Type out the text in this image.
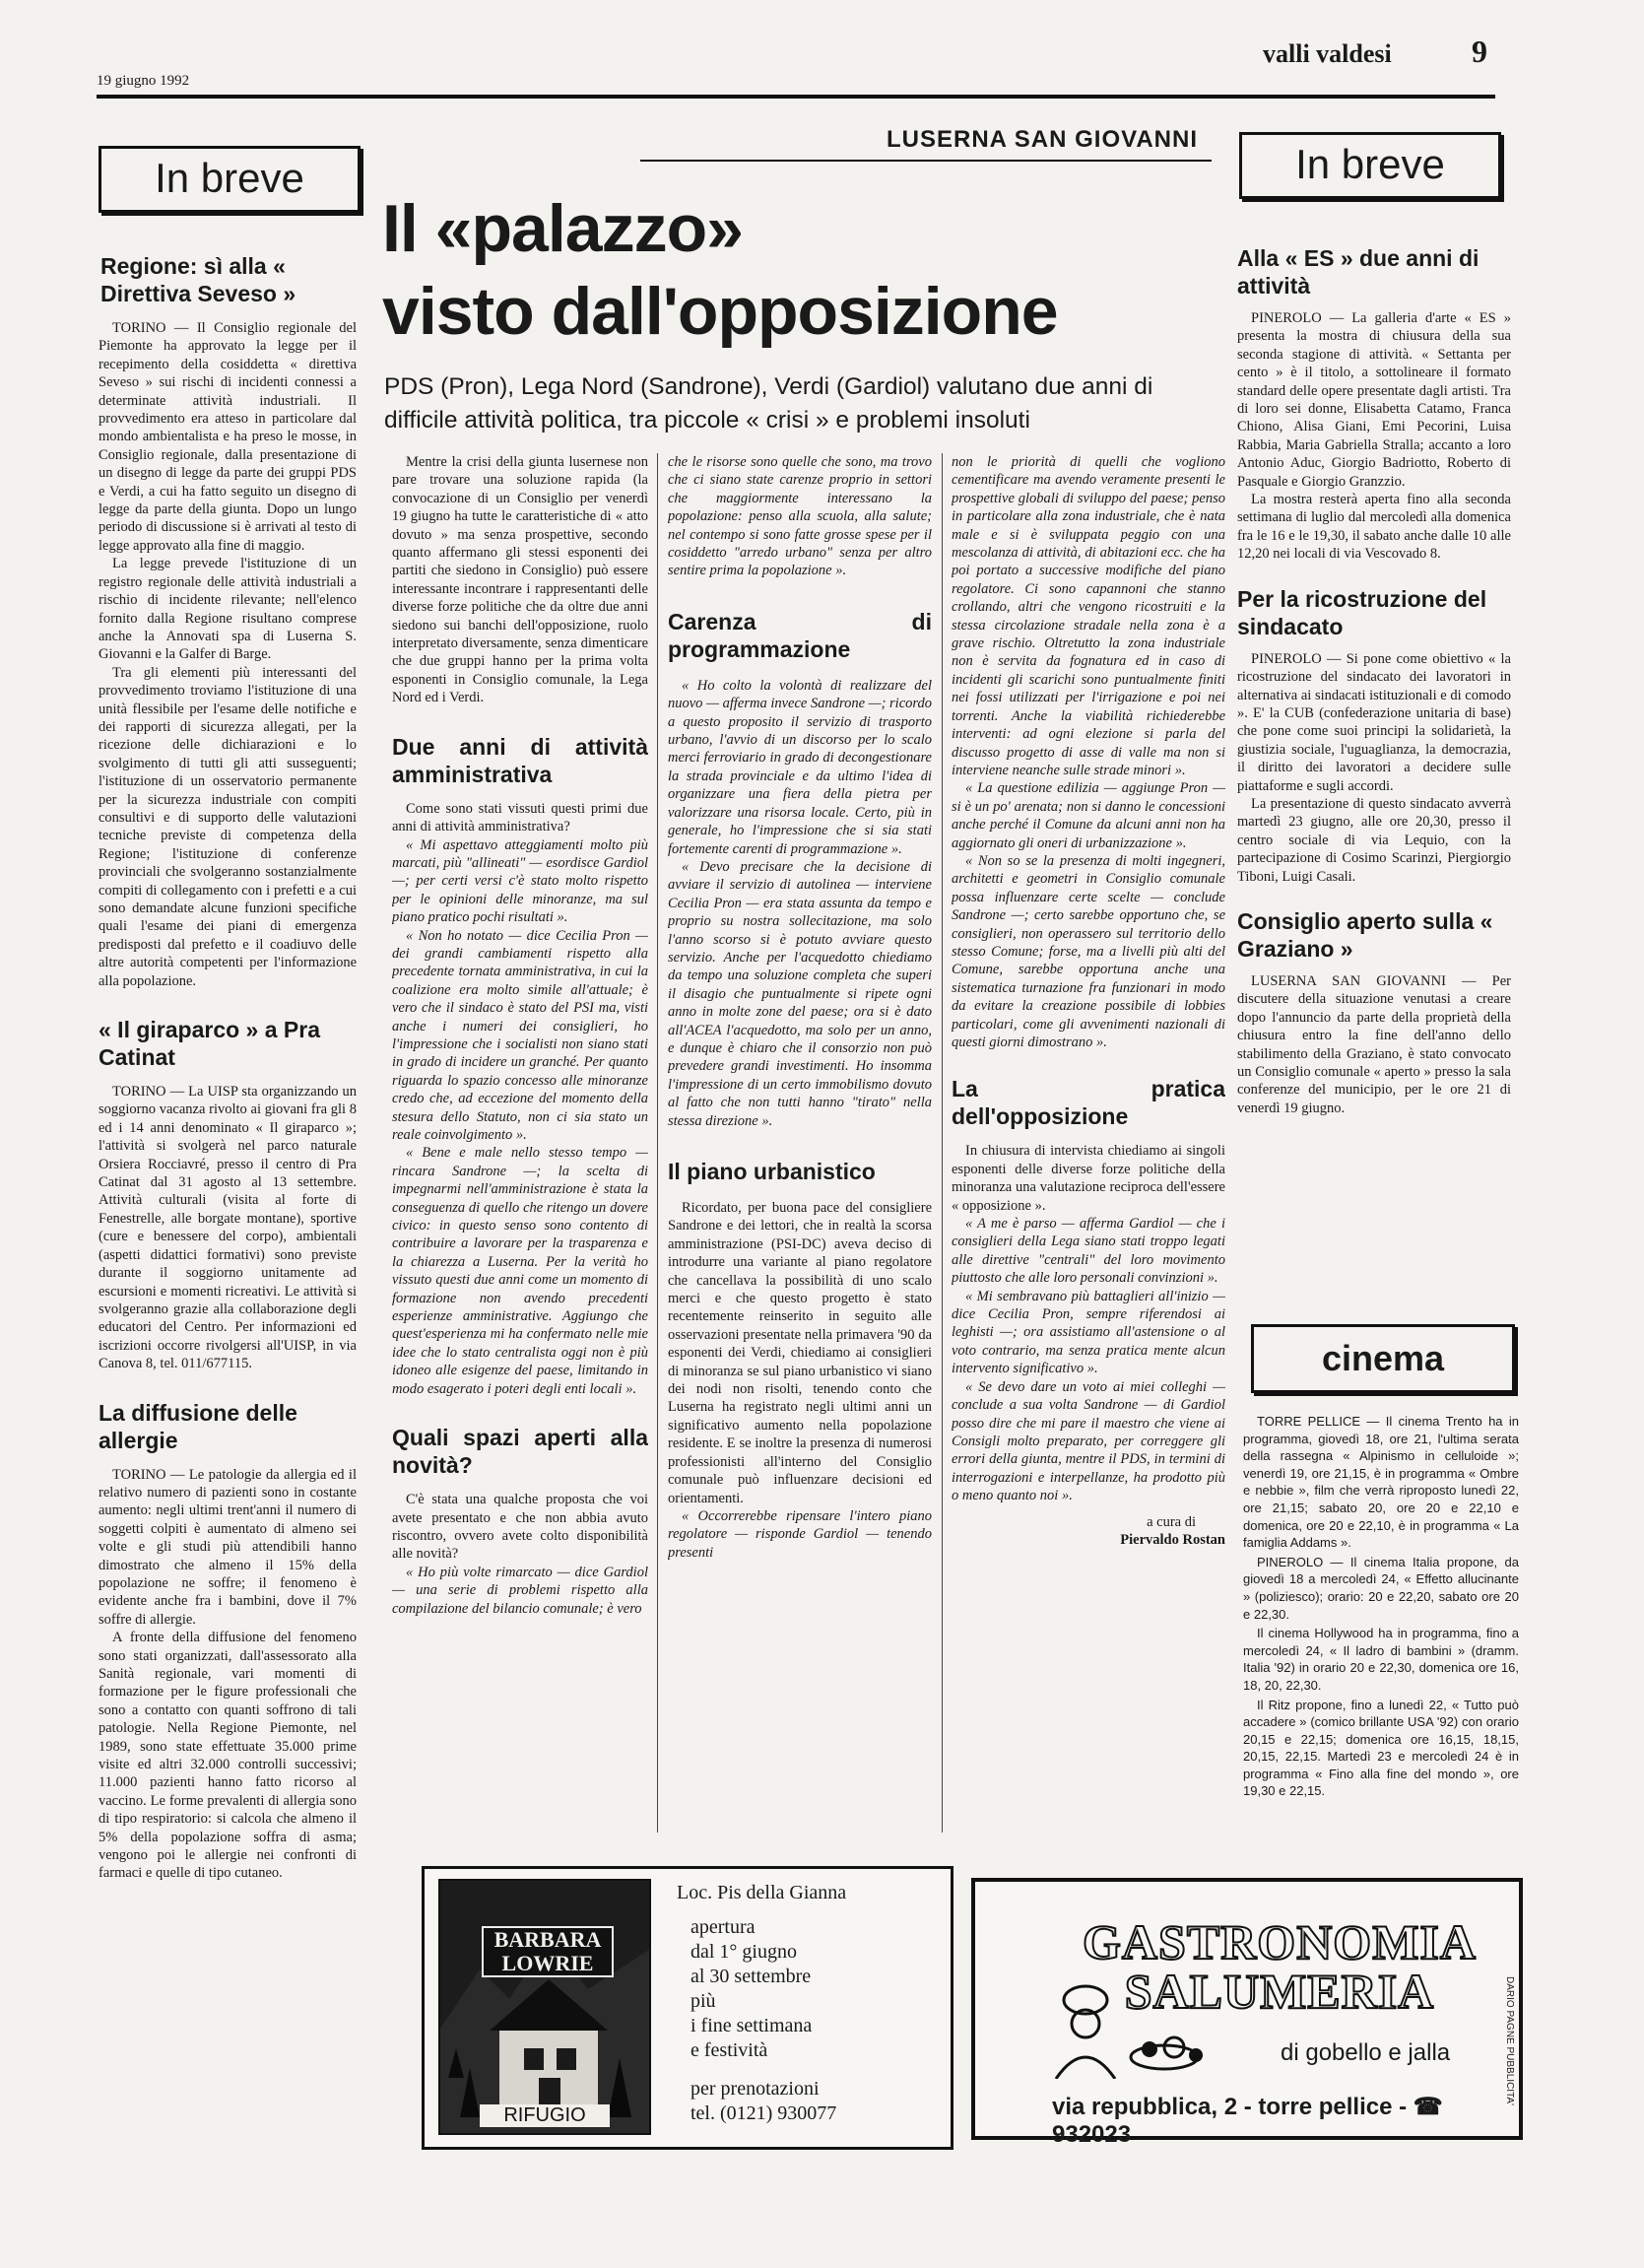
19 giugno 1992
valli valdesi	9
LUSERNA SAN GIOVANNI
In breve
Regione: sì alla « Direttiva Seveso »

TORINO — Il Consiglio regionale del Piemonte ha approvato la legge per il recepimento della cosiddetta « direttiva Seveso » sui rischi di incidenti connessi a determinate attività industriali. Il provvedimento era atteso in particolare dal mondo ambientalista e ha preso le mosse, in Consiglio regionale, dalla presentazione di un disegno di legge da parte dei gruppi PDS e Verdi, a cui ha fatto seguito un disegno di legge da parte della giunta. Dopo un lungo periodo di discussione si è arrivati al testo di legge approvato alla fine di maggio.

La legge prevede l'istituzione di un registro regionale delle attività industriali a rischio di incidente rilevante; nell'elenco fornito dalla Regione risultano comprese anche la Annovati spa di Luserna S. Giovanni e la Galfer di Barge.

Tra gli elementi più interessanti del provvedimento troviamo l'istituzione di una unità flessibile per l'esame delle notifiche e dei rapporti di sicurezza allegati, per la ricezione delle dichiarazioni e lo svolgimento di tutti gli atti susseguenti; l'istituzione di un osservatorio permanente per la sicurezza industriale con compiti consultivi e di supporto delle valutazioni tecniche previste di competenza della Regione; l'istituzione di conferenze provinciali che svolgeranno sostanzialmente compiti di collegamento con i prefetti e a cui sono demandate alcune funzioni specifiche quali l'esame dei piani di emergenza predisposti dal prefetto e il coadiuvo delle altre autorità competenti per l'informazione alla popolazione.

« Il giraparco » a Pra Catinat

TORINO — La UISP sta organizzando un soggiorno vacanza rivolto ai giovani fra gli 8 ed i 14 anni denominato « Il giraparco »; l'attività si svolgerà nel parco naturale Orsiera Rocciavré, presso il centro di Pra Catinat dal 31 agosto al 13 settembre. Attività culturali (visita al forte di Fenestrelle, alle borgate montane), sportive (cure e benessere del corpo), ambientali (aspetti didattici formativi) sono previste durante il soggiorno unitamente ad escursioni e momenti ricreativi. Le attività si svolgeranno grazie alla collaborazione degli educatori del Centro. Per informazioni ed iscrizioni occorre rivolgersi all'UISP, in via Canova 8, tel. 011/677115.

La diffusione delle allergie

TORINO — Le patologie da allergia ed il relativo numero di pazienti sono in costante aumento: negli ultimi trent'anni il numero di soggetti colpiti è aumentato di almeno sei volte e gli studi più attendibili hanno dimostrato che almeno il 15% della popolazione ne soffre; il fenomeno è evidente anche fra i bambini, dove il 7% soffre di allergie.

A fronte della diffusione del fenomeno sono stati organizzati, dall'assessorato alla Sanità regionale, vari momenti di formazione per le figure professionali che sono a contatto con quanti soffrono di tali patologie. Nella Regione Piemonte, nel 1989, sono state effettuate 35.000 prime visite ed altri 32.000 controlli successivi; 11.000 pazienti hanno fatto ricorso al vaccino. Le forme prevalenti di allergia sono di tipo respiratorio: si calcola che almeno il 5% della popolazione soffra di asma; vengono poi le allergie nei confronti di farmaci e quelle di tipo cutaneo.

Il «palazzo»
visto dall'opposizione
PDS (Pron), Lega Nord (Sandrone), Verdi (Gardiol) valutano due anni di difficile attività politica, tra piccole « crisi » e problemi insoluti

Mentre la crisi della giunta lusernese non pare trovare una soluzione rapida (la convocazione di un Consiglio per venerdì 19 giugno ha tutte le caratteristiche di « atto dovuto » ma senza prospettive, secondo quanto affermano gli stessi esponenti dei partiti che siedono in Consiglio) può essere interessante incontrare i rappresentanti delle diverse forze politiche che da oltre due anni siedono sui banchi dell'opposizione, ruolo interpretato diversamente, senza dimenticare che due gruppi hanno per la prima volta esponenti in Consiglio comunale, la Lega Nord ed i Verdi.

Due anni di attività amministrativa

Come sono stati vissuti questi primi due anni di attività amministrativa?

« Mi aspettavo atteggiamenti molto più marcati, più "allineati" — esordisce Gardiol —; per certi versi c'è stato molto rispetto per le opinioni delle minoranze, ma sul piano pratico pochi risultati ».

« Non ho notato — dice Cecilia Pron — dei grandi cambiamenti rispetto alla precedente tornata amministrativa, in cui la coalizione era molto simile all'attuale; è vero che il sindaco è stato del PSI ma, visti anche i numeri dei consiglieri, ho l'impressione che i socialisti non siano stati in grado di incidere un granché. Per quanto riguarda lo spazio concesso alle minoranze credo che, ad eccezione del momento della stesura dello Statuto, non ci sia stato un reale coinvolgimento ».

« Bene e male nello stesso tempo — rincara Sandrone —; la scelta di impegnarmi nell'amministrazione è stata la conseguenza di quello che ritengo un dovere civico: in questo senso sono contento di contribuire a lavorare per la trasparenza e la chiarezza a Luserna. Per la verità ho vissuto questi due anni come un momento di formazione non avendo precedenti esperienze amministrative. Aggiungo che quest'esperienza mi ha confermato nelle mie idee che lo stato centralista oggi non è più idoneo alle esigenze del paese, limitando in modo esagerato i poteri degli enti locali ».

Quali spazi aperti alla novità?

C'è stata una qualche proposta che voi avete presentato e che non abbia avuto riscontro, ovvero avete colto disponibilità alle novità?

« Ho più volte rimarcato — dice Gardiol — una serie di problemi rispetto alla compilazione del bilancio comunale; è vero

che le risorse sono quelle che sono, ma trovo che ci siano state carenze proprio in settori che maggiormente interessano la popolazione: penso alla scuola, alla salute; nel contempo si sono fatte grosse spese per il cosiddetto "arredo urbano" senza per altro sentire prima la popolazione ».

Carenza di programmazione

« Ho colto la volontà di realizzare del nuovo — afferma invece Sandrone —; ricordo a questo proposito il servizio di trasporto urbano, l'avvio di un discorso per lo scalo merci ferroviario in grado di decongestionare la strada provinciale e da ultimo l'idea di organizzare una fiera della pietra per valorizzare una risorsa locale. Certo, più in generale, ho l'impressione che si sia stati fortemente carenti di programmazione ».

« Devo precisare che la decisione di avviare il servizio di autolinea — interviene Cecilia Pron — era stata assunta da tempo e proprio su nostra sollecitazione, ma solo l'anno scorso si è potuto avviare questo servizio. Anche per l'acquedotto chiediamo da tempo una soluzione completa che superi il disagio che puntualmente si ripete ogni anno in molte zone del paese; ora si è dato all'ACEA l'acquedotto, ma solo per un anno, e dunque è chiaro che il consorzio non può prevedere grandi investimenti. Ho insomma l'impressione di un certo immobilismo dovuto al fatto che non tutti hanno "tirato" nella stessa direzione ».

Il piano urbanistico

Ricordato, per buona pace del consigliere Sandrone e dei lettori, che in realtà la scorsa amministrazione (PSI-DC) aveva deciso di introdurre una variante al piano regolatore che cancellava la possibilità di uno scalo merci e che questo progetto è stato recentemente reinserito in seguito alle osservazioni presentate nella primavera '90 da esponenti dei Verdi, chiediamo ai consiglieri di minoranza se sul piano urbanistico vi siano dei nodi non risolti, tenendo conto che Luserna ha registrato negli ultimi anni un significativo aumento nella popolazione residente. E se inoltre la presenza di numerosi professionisti all'interno del Consiglio comunale può influenzare decisioni ed orientamenti.

« Occorrerebbe ripensare l'intero piano regolatore — risponde Gardiol — tenendo presenti

non le priorità di quelli che vogliono cementificare ma avendo veramente presenti le prospettive globali di sviluppo del paese; penso in particolare alla zona industriale, che è nata male e si è sviluppata peggio con una mescolanza di attività, di abitazioni ecc. che ha poi portato a successive modifiche del piano regolatore. Ci sono capannoni che stanno crollando, altri che vengono ricostruiti e la stessa circolazione stradale nella zona è a grave rischio. Oltretutto la zona industriale non è servita da fognatura ed in caso di incidenti gli scarichi sono puntualmente finiti nei fossi utilizzati per l'irrigazione e poi nei torrenti. Anche la viabilità richiederebbe interventi: ad ogni elezione si parla del discusso progetto di asse di valle ma non si interviene neanche sulle strade minori ».

« La questione edilizia — aggiunge Pron — si è un po' arenata; non si danno le concessioni anche perché il Comune da alcuni anni non ha aggiornato gli oneri di urbanizzazione ».

« Non so se la presenza di molti ingegneri, architetti e geometri in Consiglio comunale possa influenzare certe scelte — conclude Sandrone —; certo sarebbe opportuno che, se consiglieri, non operassero sul territorio dello stesso Comune; forse, ma a livelli più alti del Comune, sarebbe opportuna anche una sistematica turnazione fra funzionari in modo da evitare la creazione possibile di lobbies particolari, come gli avvenimenti nazionali di questi giorni dimostrano ».

La pratica dell'opposizione

In chiusura di intervista chiediamo ai singoli esponenti delle diverse forze politiche della minoranza una valutazione reciproca dell'essere « opposizione ».

« A me è parso — afferma Gardiol — che i consiglieri della Lega siano stati troppo legati alle direttive "centrali" del loro movimento piuttosto che alle loro personali convinzioni ».

« Mi sembravano più battaglieri all'inizio — dice Cecilia Pron, sempre riferendosi ai leghisti —; ora assistiamo all'astensione o al voto contrario, ma senza pratica mente alcun intervento significativo ».

« Se devo dare un voto ai miei colleghi — conclude a sua volta Sandrone — di Gardiol posso dire che mi pare il maestro che viene ai Consigli molto preparato, per correggere gli errori della giunta, mentre il PDS, in termini di interrogazioni e interpellanze, ha prodotto più o meno quanto noi ».

a cura di
Piervaldo Rostan
In breve
Alla « ES » due anni di attività

PINEROLO — La galleria d'arte « ES » presenta la mostra di chiusura della sua seconda stagione di attività. « Settanta per cento » è il titolo, a sottolineare il formato standard delle opere presentate dagli artisti. Tra di loro sei donne, Elisabetta Catamo, Franca Chiono, Alisa Giani, Emi Pecorini, Luisa Rabbia, Maria Gabriella Stralla; accanto a loro Antonio Aduc, Giorgio Badriotto, Roberto di Pasquale e Giorgio Granzzio.

La mostra resterà aperta fino alla seconda settimana di luglio dal mercoledì alla domenica fra le 16 e le 19,30, il sabato anche dalle 10 alle 12,20 nei locali di via Vescovado 8.

Per la ricostruzione del sindacato

PINEROLO — Si pone come obiettivo « la ricostruzione del sindacato dei lavoratori in alternativa ai sindacati istituzionali e di comodo ». E' la CUB (confederazione unitaria di base) che pone come suoi principi la solidarietà, la giustizia sociale, l'uguaglianza, la democrazia, il diritto dei lavoratori a decidere sulle piattaforme e sugli accordi.

La presentazione di questo sindacato avverrà martedì 23 giugno, alle ore 20,30, presso il centro sociale di via Lequio, con la partecipazione di Cosimo Scarinzi, Piergiorgio Tiboni, Luigi Casali.

Consiglio aperto sulla « Graziano »

LUSERNA SAN GIOVANNI — Per discutere della situazione venutasi a creare dopo l'annuncio da parte della proprietà della chiusura entro la fine dell'anno dello stabilimento della Graziano, è stato convocato un Consiglio comunale « aperto » presso la sala conferenze del municipio, per le ore 21 di venerdì 19 giugno.

cinema

TORRE PELLICE — Il cinema Trento ha in programma, giovedì 18, ore 21, l'ultima serata della rassegna « Alpinismo in celluloide »; venerdì 19, ore 21,15, è in programma « Ombre e nebbie », film che verrà riproposto lunedì 22, ore 21,15; sabato 20, ore 20 e 22,10 e domenica, ore 20 e 22,10, è in programma « La famiglia Addams ».

PINEROLO — Il cinema Italia propone, da giovedì 18 a mercoledì 24, « Effetto allucinante » (poliziesco); orario: 20 e 22,20, sabato ore 20 e 22,30.

Il cinema Hollywood ha in programma, fino a mercoledì 24, « Il ladro di bambini » (dramm. Italia '92) in orario 20 e 22,30, domenica ore 16, 18, 20, 22,30.

Il Ritz propone, fino a lunedì 22, « Tutto può accadere » (comico brillante USA '92) con orario 20,15 e 22,15; domenica ore 16,15, 18,15, 20,15, 22,15. Martedì 23 e mercoledì 24 è in programma « Fino alla fine del mondo », ore 19,30 e 22,15.

BARBARA
LOWRIE
RIFUGIO
Loc. Pis della Gianna
apertura
dal 1° giugno
al 30 settembre
più
i fine settimana
e festività
per prenotazioni
tel. (0121) 930077
GASTRONOMIA
SALUMERIA
di gobello e jalla
via repubblica, 2 - torre pellice - ☎ 932023
DARIO PAGNE PUBBLICITA'
